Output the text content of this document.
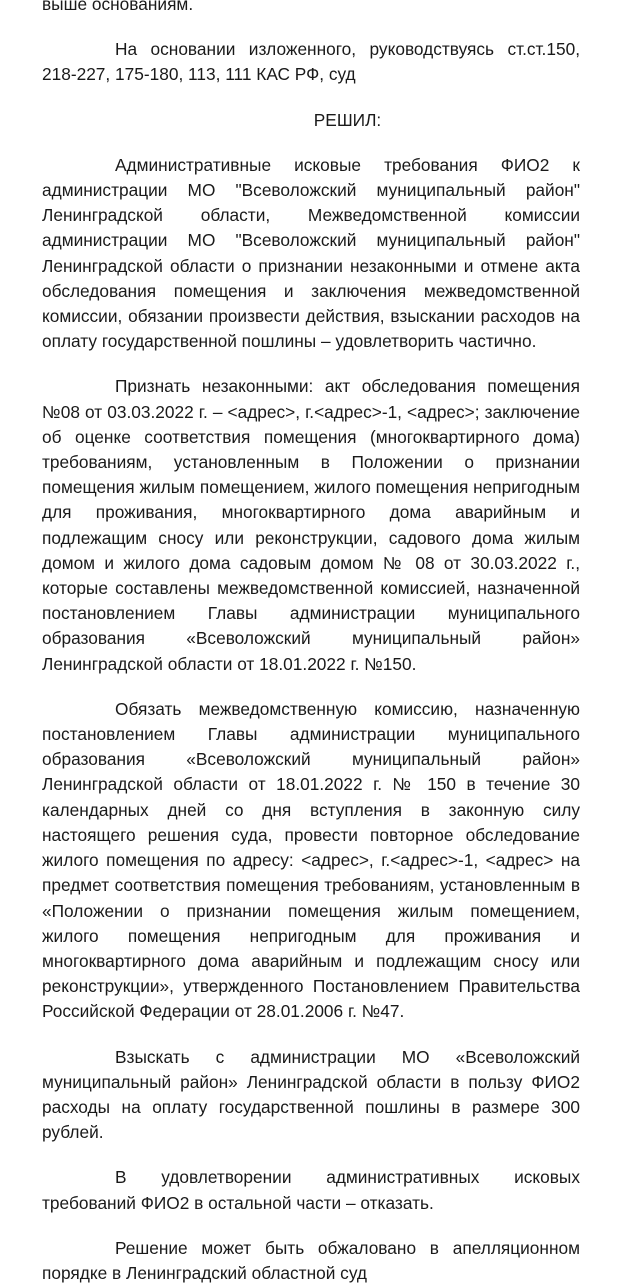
выше основаниям.

На основании изложенного, руководствуясь ст.ст.150, 218-227, 175-180, 113, 111 КАС РФ, суд

РЕШИЛ:

Административные исковые требования ФИО2 к администрации МО "Всеволожский муниципальный район" Ленинградской области, Межведомственной комиссии администрации МО "Всеволожский муниципальный район" Ленинградской области о признании незаконными и отмене акта обследования помещения и заключения межведомственной комиссии, обязании произвести действия, взыскании расходов на оплату государственной пошлины – удовлетворить частично.

Признать незаконными: акт обследования помещения №08 от 03.03.2022 г. – <адрес>, г.<адрес>-1, <адрес>; заключение об оценке соответствия помещения (многоквартирного дома) требованиям, установленным в Положении о признании помещения жилым помещением, жилого помещения непригодным для проживания, многоквартирного дома аварийным и подлежащим сносу или реконструкции, садового дома жилым домом и жилого дома садовым домом № 08 от 30.03.2022 г., которые составлены межведомственной комиссией, назначенной постановлением Главы администрации муниципального образования «Всеволожский муниципальный район» Ленинградской области от 18.01.2022 г. №150.

Обязать межведомственную комиссию, назначенную постановлением Главы администрации муниципального образования «Всеволожский муниципальный район» Ленинградской области от 18.01.2022 г. № 150 в течение 30 календарных дней со дня вступления в законную силу настоящего решения суда, провести повторное обследование жилого помещения по адресу: <адрес>, г.<адрес>-1, <адрес> на предмет соответствия помещения требованиям, установленным в «Положении о признании помещения жилым помещением, жилого помещения непригодным для проживания и многоквартирного дома аварийным и подлежащим сносу или реконструкции», утвержденного Постановлением Правительства Российской Федерации от 28.01.2006 г. №47.

Взыскать с администрации МО «Всеволожский муниципальный район» Ленинградской области в пользу ФИО2 расходы на оплату государственной пошлины в размере 300 рублей.

В удовлетворении административных исковых требований ФИО2 в остальной части – отказать.

Решение может быть обжаловано в апелляционном порядке в Ленинградский областной суд
